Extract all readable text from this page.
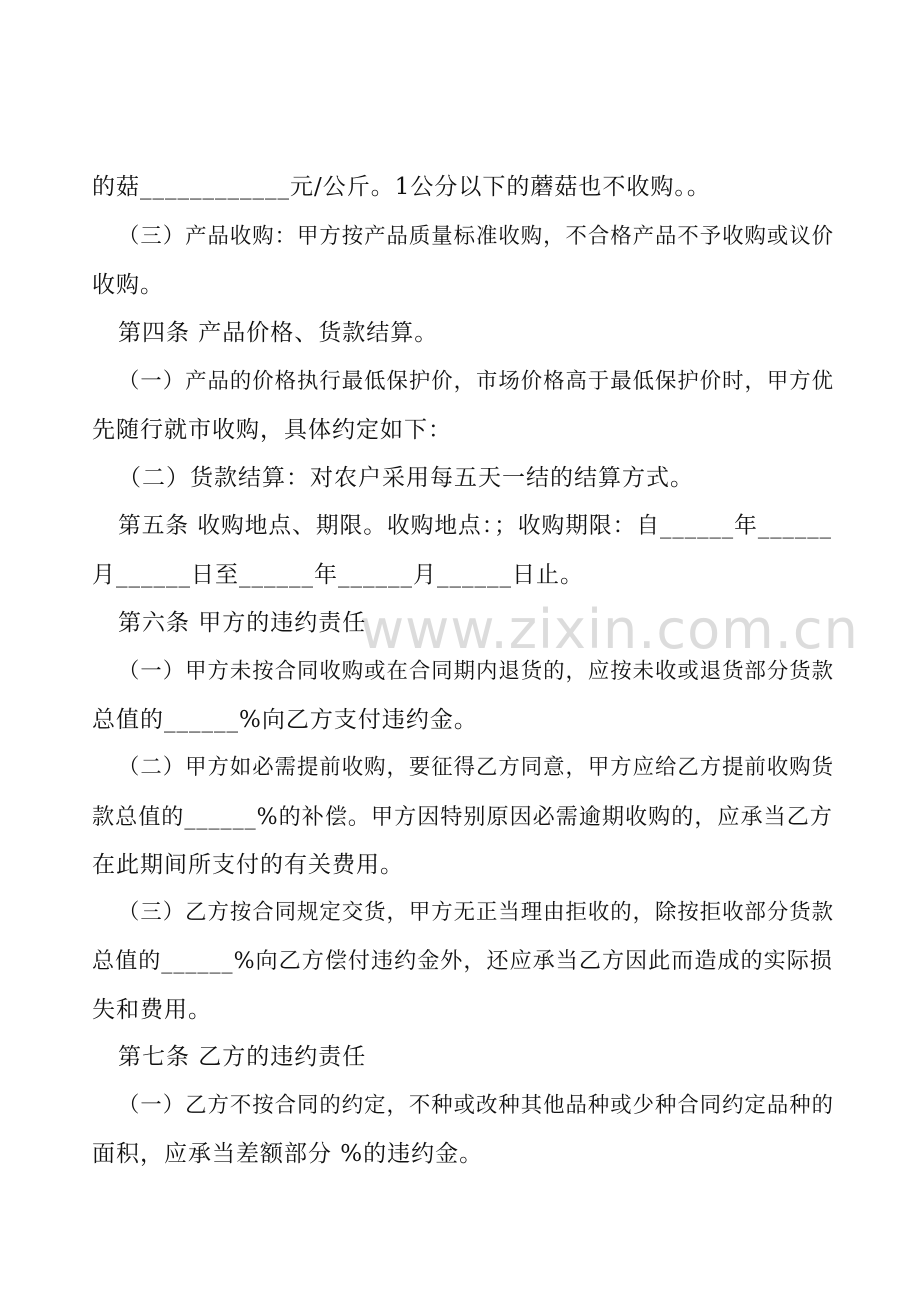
www.zixin.com.cn
的菇____________元/公斤。1公分以下的蘑菇也不收购。。
（三）产品收购：甲方按产品质量标准收购，不合格产品不予收购或议价
收购。
第四条 产品价格、货款结算。
（一）产品的价格执行最低保护价，市场价格高于最低保护价时，甲方优
先随行就市收购，具体约定如下：
（二）货款结算：对农户采用每五天一结的结算方式。
第五条 收购地点、期限。收购地点：；收购期限：自______年______
月______日至______年______月______日止。
第六条 甲方的违约责任
（一）甲方未按合同收购或在合同期内退货的，应按未收或退货部分货款
总值的______%向乙方支付违约金。
（二）甲方如必需提前收购，要征得乙方同意，甲方应给乙方提前收购货
款总值的______%的补偿。甲方因特别原因必需逾期收购的，应承当乙方
在此期间所支付的有关费用。
（三）乙方按合同规定交货，甲方无正当理由拒收的，除按拒收部分货款
总值的______%向乙方偿付违约金外，还应承当乙方因此而造成的实际损
失和费用。
第七条 乙方的违约责任
（一）乙方不按合同的约定，不种或改种其他品种或少种合同约定品种的
面积，应承当差额部分 %的违约金。
